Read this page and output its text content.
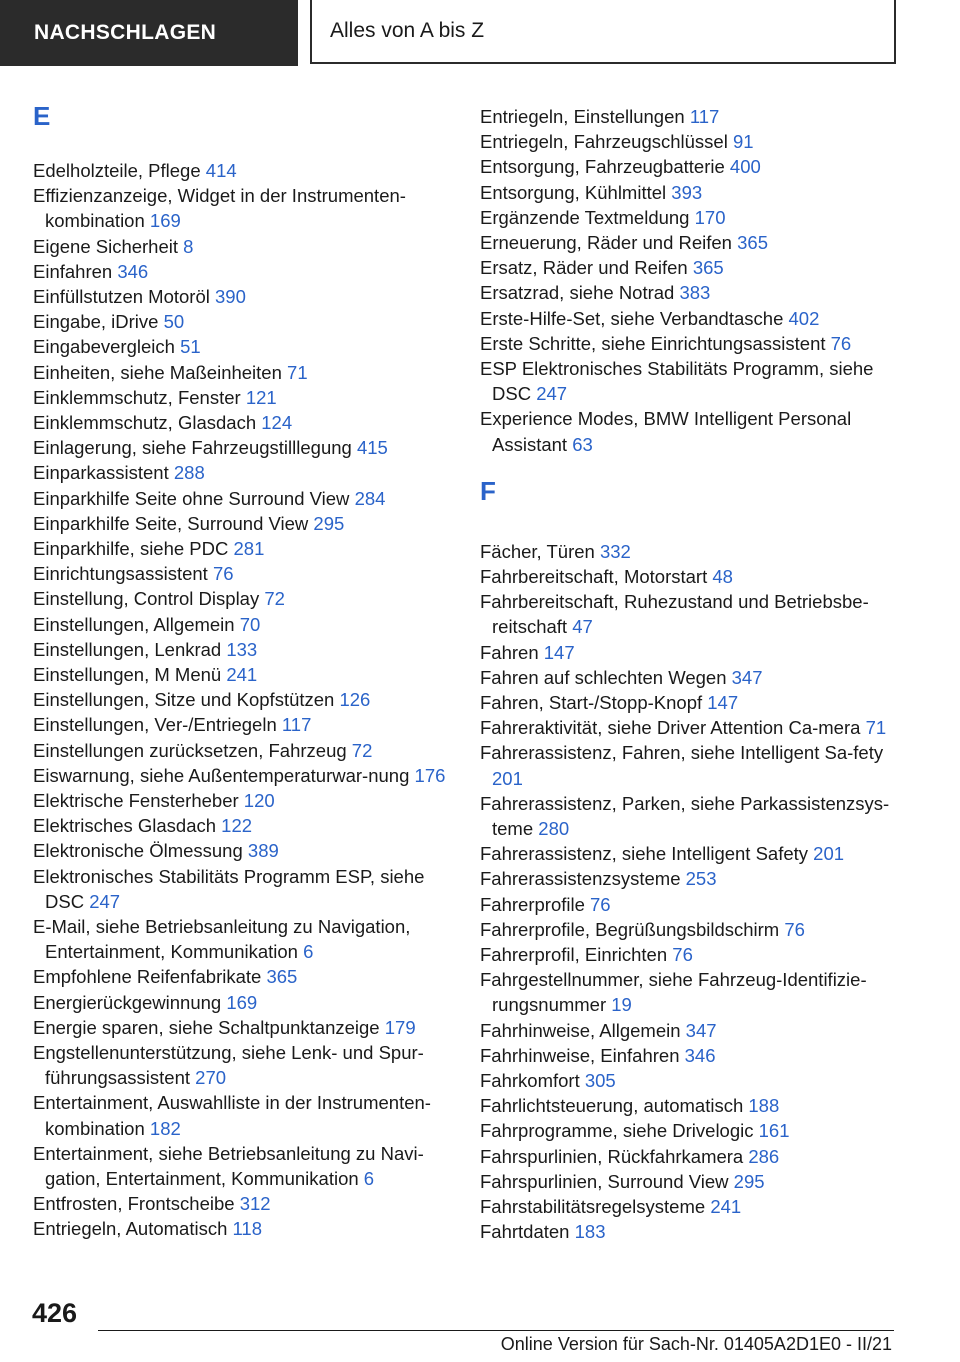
NACHSCHLAGEN	Alles von A bis Z
E
Edelholzteile, Pflege 414
Effizienzanzeige, Widget in der Instrumenten-kombination 169
Eigene Sicherheit 8
Einfahren 346
Einfüllstutzen Motoröl 390
Eingabe, iDrive 50
Eingabevergleich 51
Einheiten, siehe Maßeinheiten 71
Einklemmschutz, Fenster 121
Einklemmschutz, Glasdach 124
Einlagerung, siehe Fahrzeugstilllegung 415
Einparkassistent 288
Einparkhilfe Seite ohne Surround View 284
Einparkhilfe Seite, Surround View 295
Einparkhilfe, siehe PDC 281
Einrichtungsassistent 76
Einstellung, Control Display 72
Einstellungen, Allgemein 70
Einstellungen, Lenkrad 133
Einstellungen, M Menü 241
Einstellungen, Sitze und Kopfstützen 126
Einstellungen, Ver-/Entriegeln 117
Einstellungen zurücksetzen, Fahrzeug 72
Eiswarnung, siehe Außentemperaturwar-nung 176
Elektrische Fensterheber 120
Elektrisches Glasdach 122
Elektronische Ölmessung 389
Elektronisches Stabilitäts Programm ESP, siehe DSC 247
E-Mail, siehe Betriebsanleitung zu Navigation, Entertainment, Kommunikation 6
Empfohlene Reifenfabrikate 365
Energierückgewinnung 169
Energie sparen, siehe Schaltpunktanzeige 179
Engstellenunterstützung, siehe Lenk- und Spur-führungsassistent 270
Entertainment, Auswahlliste in der Instrumenten-kombination 182
Entertainment, siehe Betriebsanleitung zu Navi-gation, Entertainment, Kommunikation 6
Entfrosten, Frontscheibe 312
Entriegeln, Automatisch 118
Entriegeln, Einstellungen 117
Entriegeln, Fahrzeugschlüssel 91
Entsorgung, Fahrzeugbatterie 400
Entsorgung, Kühlmittel 393
Ergänzende Textmeldung 170
Erneuerung, Räder und Reifen 365
Ersatz, Räder und Reifen 365
Ersatzrad, siehe Notrad 383
Erste-Hilfe-Set, siehe Verbandtasche 402
Erste Schritte, siehe Einrichtungsassistent 76
ESP Elektronisches Stabilitäts Programm, siehe DSC 247
Experience Modes, BMW Intelligent Personal Assistant 63
F
Fächer, Türen 332
Fahrbereitschaft, Motorstart 48
Fahrbereitschaft, Ruhezustand und Betriebsbe-reitschaft 47
Fahren 147
Fahren auf schlechten Wegen 347
Fahren, Start-/Stopp-Knopf 147
Fahreraktivität, siehe Driver Attention Ca-mera 71
Fahrerassistenz, Fahren, siehe Intelligent Sa-fety 201
Fahrerassistenz, Parken, siehe Parkassistenzsys-teme 280
Fahrerassistenz, siehe Intelligent Safety 201
Fahrerassistenzsysteme 253
Fahrerprofile 76
Fahrerprofile, Begrüßungsbildschirm 76
Fahrerprofil, Einrichten 76
Fahrgestellnummer, siehe Fahrzeug-Identifizie-rungsnummer 19
Fahrhinweise, Allgemein 347
Fahrhinweise, Einfahren 346
Fahrkomfort 305
Fahrlichtsteuerung, automatisch 188
Fahrprogramme, siehe Drivelogic 161
Fahrspurlinien, Rückfahrkamera 286
Fahrspurlinien, Surround View 295
Fahrstabilitätsregelsysteme 241
Fahrtdaten 183
426
Online Version für Sach-Nr. 01405A2D1E0 - II/21
